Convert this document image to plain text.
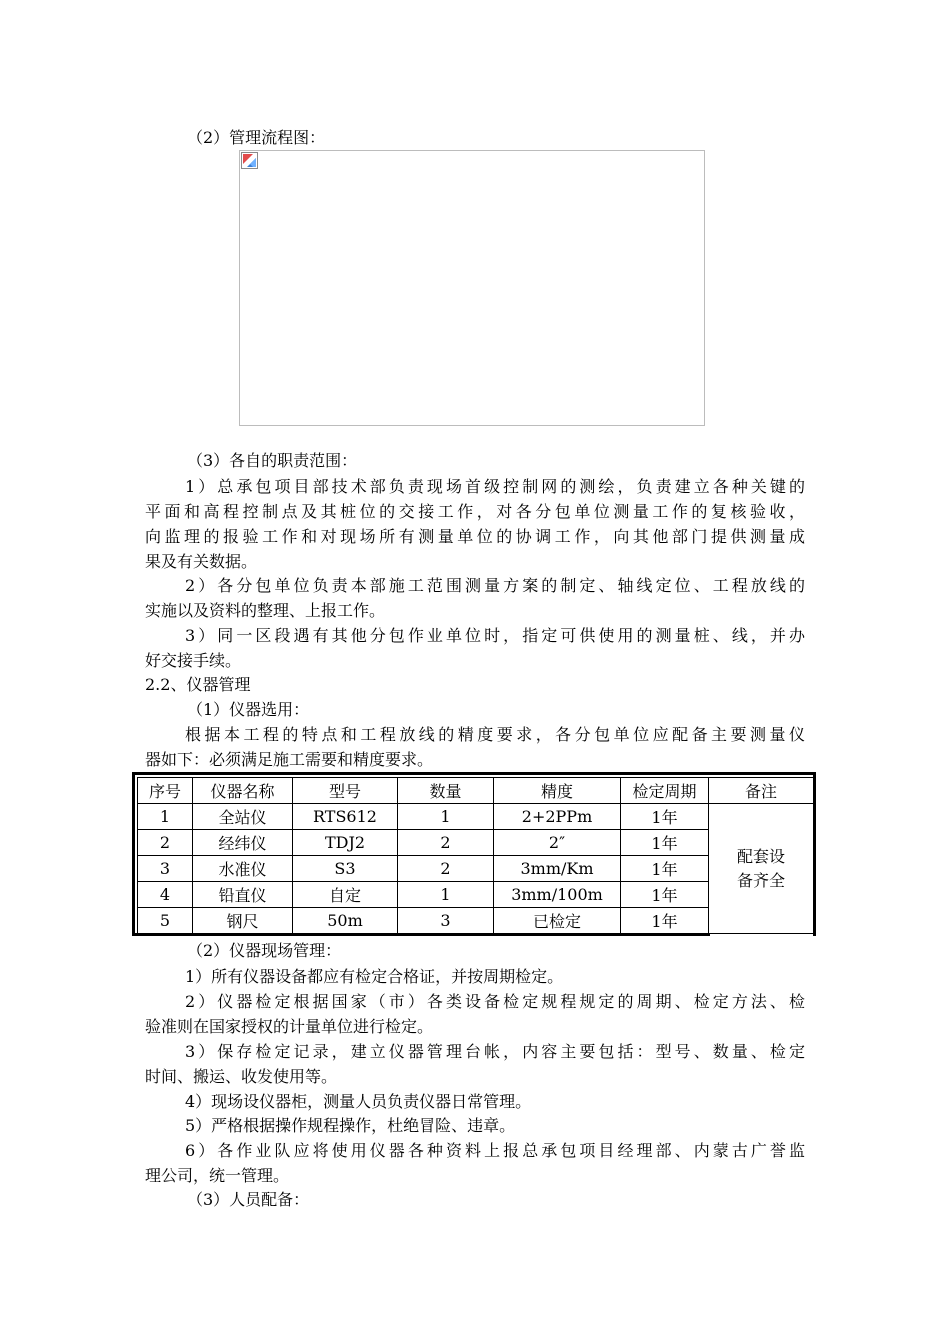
（2）管理流程图：
（3）各自的职责范围：
1）总承包项目部技术部负责现场首级控制网的测绘，负责建立各种关键的
平面和高程控制点及其桩位的交接工作，对各分包单位测量工作的复核验收，
向监理的报验工作和对现场所有测量单位的协调工作，向其他部门提供测量成
果及有关数据。
2）各分包单位负责本部施工范围测量方案的制定、轴线定位、工程放线的
实施以及资料的整理、上报工作。
3）同一区段遇有其他分包作业单位时，指定可供使用的测量桩、线，并办
好交接手续。
2.2、仪器管理
（1）仪器选用：
根据本工程的特点和工程放线的精度要求，各分包单位应配备主要测量仪
器如下：必须满足施工需要和精度要求。
序号	仪器名称	型号	数量	精度	检定周期	备注
1	全站仪	RTS612	1	2+2PPm	1年	配套设
备齐全
2	经纬仪	TDJ2	2	2″	1年	
3	水准仪	S3	2	3mm/Km	1年	
4	铅直仪	自定	1	3mm/100m	1年	
5	钢尺	50m	3	已检定	1年	
（2）仪器现场管理：
1）所有仪器设备都应有检定合格证，并按周期检定。
2）仪器检定根据国家（市）各类设备检定规程规定的周期、检定方法、检
验准则在国家授权的计量单位进行检定。
3）保存检定记录，建立仪器管理台帐，内容主要包括：型号、数量、检定
时间、搬运、收发使用等。
4）现场设仪器柜，测量人员负责仪器日常管理。
5）严格根据操作规程操作，杜绝冒险、违章。
6）各作业队应将使用仪器各种资料上报总承包项目经理部、内蒙古广誉监
理公司，统一管理。
（3）人员配备：
